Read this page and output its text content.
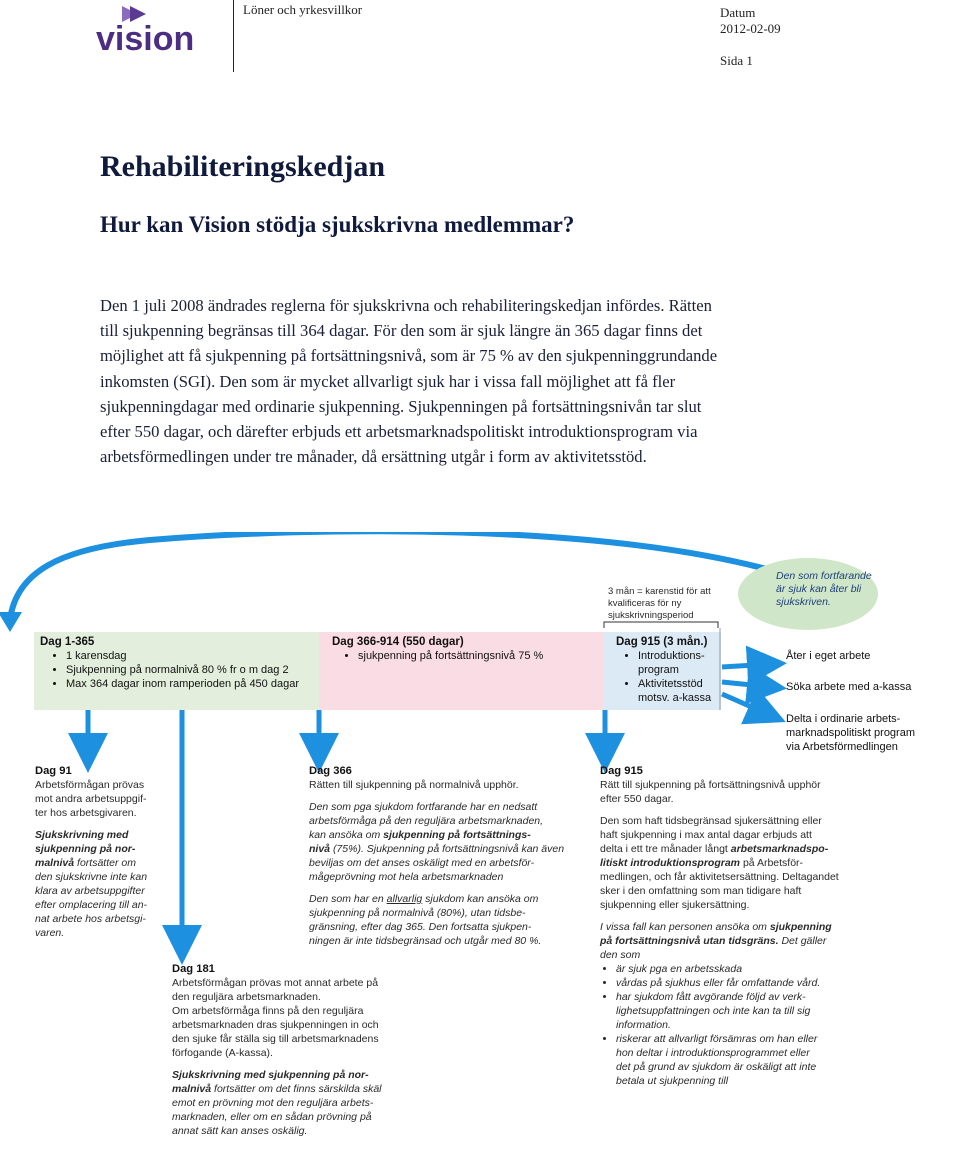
vision
Löner och yrkesvillkor	Datum
2012-02-09
Sida 1
Rehabiliteringskedjan
Hur kan Vision stödja sjukskrivna medlemmar?
Den 1 juli 2008 ändrades reglerna för sjukskrivna och rehabiliteringskedjan infördes. Rätten
till sjukpenning begränsas till 364 dagar. För den som är sjuk längre än 365 dagar finns det
möjlighet att få sjukpenning på fortsättningsnivå, som är 75 % av den sjukpenninggrundande
inkomsten (SGI). Den som är mycket allvarligt sjuk har i vissa fall möjlighet att få fler
sjukpenningdagar med ordinarie sjukpenning. Sjukpenningen på fortsättningsnivån tar slut
efter 550 dagar, och därefter erbjuds ett arbetsmarknadspolitiskt introduktionsprogram via
arbetsförmedlingen under tre månader, då ersättning utgår i form av aktivitetsstöd.
3 mån = karenstid för att
kvalificeras för ny
sjukskrivningsperiod
Den som fortfarande
är sjuk kan åter bli
sjukskriven.
Dag 1-365
• 1 karensdag
• Sjukpenning på normalnivå 80 % fr o m dag 2
• Max 364 dagar inom ramperioden på 450 dagar
Dag 366-914 (550 dagar)
• sjukpenning på fortsättningsnivå 75 %
Dag 915 (3 mån.)
• Introduktions-
program
• Aktivitetsstöd
motsv. a-kassa
Åter i eget arbete
Söka arbete med a-kassa
Delta i ordinarie arbets-
marknadspolitiskt program
via Arbetsförmedlingen
Dag 91

Arbetsförmågan prövas
mot andra arbetsuppgif-
ter hos arbetsgivaren.

Sjukskrivning med
sjukpenning på nor-
malnivå fortsätter om
den sjukskrivne inte kan
klara av arbetsuppgifter
efter omplacering till an-
nat arbete hos arbetsgi-
varen.

Dag 181

Arbetsförmågan prövas mot annat arbete på
den reguljära arbetsmarknaden.
Om arbetsförmåga finns på den reguljära
arbetsmarknaden dras sjukpenningen in och
den sjuke får ställa sig till arbetsmarknadens
förfogande (A-kassa).

Sjukskrivning med sjukpenning på nor-
malnivå fortsätter om det finns särskilda skäl
emot en prövning mot den reguljära arbets-
marknaden, eller om en sådan prövning på
annat sätt kan anses oskälig.

Dag 366

Rätten till sjukpenning på normalnivå upphör.

Den som pga sjukdom fortfarande har en nedsatt
arbetsförmåga på den reguljära arbetsmarknaden,
kan ansöka om sjukpenning på fortsättnings-
nivå (75%). Sjukpenning på fortsättningsnivå kan även
beviljas om det anses oskäligt med en arbetsför-
mågeprövning mot hela arbetsmarknaden

Den som har en allvarlig sjukdom kan ansöka om
sjukpenning på normalnivå (80%), utan tidsbe-
gränsning, efter dag 365. Den fortsatta sjukpen-
ningen är inte tidsbegränsad och utgår med 80 %.

Dag 915

Rätt till sjukpenning på fortsättningsnivå upphör
efter 550 dagar.

Den som haft tidsbegränsad sjukersättning eller
haft sjukpenning i max antal dagar erbjuds att
delta i ett tre månader långt arbetsmarknadspo-
litiskt introduktionsprogram på Arbetsför-
medlingen, och får aktivitetsersättning. Deltagandet
sker i den omfattning som man tidigare haft
sjukpenning eller sjukersättning.

I vissa fall kan personen ansöka om sjukpenning
på fortsättningsnivå utan tidsgräns. Det gäller
den som

• är sjuk pga en arbetsskada
• vårdas på sjukhus eller får omfattande vård.
• har sjukdom fått avgörande följd av verk-
lighetsuppfattningen och inte kan ta till sig
information.
• riskerar att allvarligt försämras om han eller
hon deltar i introduktionsprogrammet eller
det på grund av sjukdom är oskäligt att inte
betala ut sjukpenning till
